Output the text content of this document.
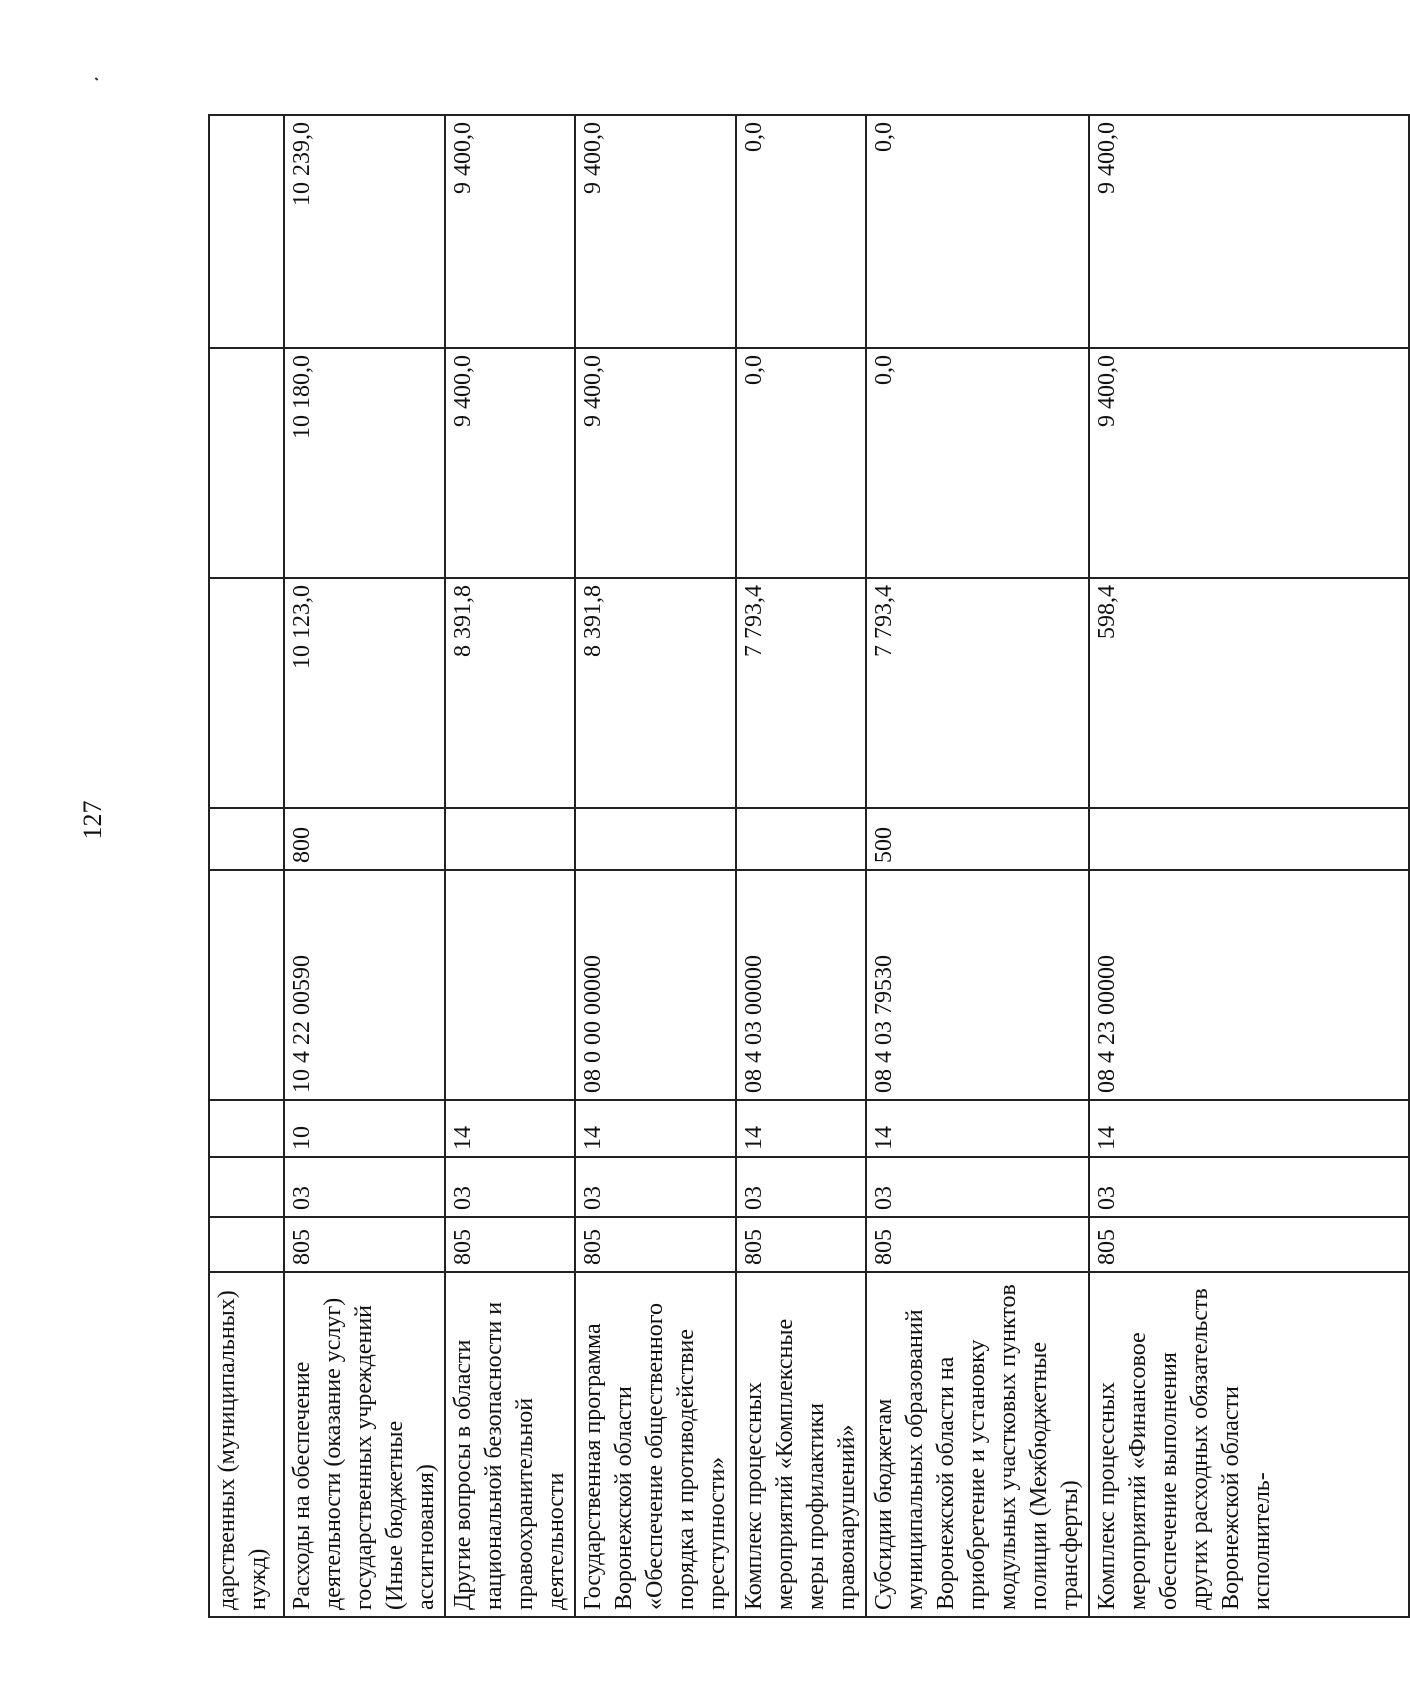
127
дарственных (муниципальных) нужд)								
Расходы на обеспечение деятельности (оказание услуг) государственных учреждений (Иные бюджетные ассигнования)	805	03	10	10 4 22 00590	800	10 123,0	10 180,0	10 239,0
Другие вопросы в области национальной безопасности и правоохранительной деятельности	805	03	14			8 391,8	9 400,0	9 400,0
Государственная программа Воронежской области «Обеспечение общественного порядка и противодействие преступности»	805	03	14	08 0 00 00000		8 391,8	9 400,0	9 400,0
Комплекс процессных мероприятий «Комплексные меры профилактики правонарушений»	805	03	14	08 4 03 00000		7 793,4	0,0	0,0
Субсидии бюджетам муниципальных образований Воронежской области на приобретение и установку модульных участковых пунктов полиции (Межбюджетные трансферты)	805	03	14	08 4 03 79530	500	7 793,4	0,0	0,0
Комплекс процессных мероприятий «Финансовое обеспечение выполнения других расходных обязательств Воронежской области исполнитель-	805	03	14	08 4 23 00000		598,4	9 400,0	9 400,0
